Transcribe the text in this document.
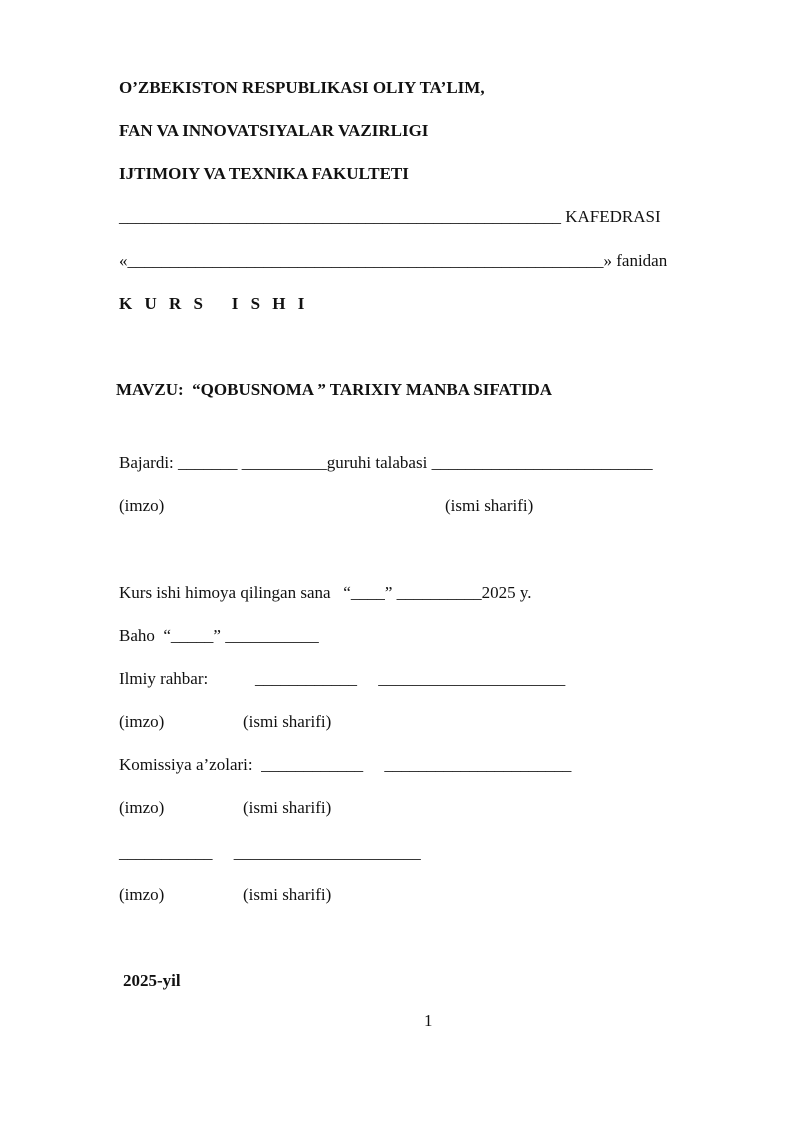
O’ZBEKISTON RESPUBLIKASI OLIY TA’LIM,
FAN VA INNOVATSIYALAR VAZIRLIGI
IJTIMOIY VA TEXNIKA FAKULTETI
____________________________________________________ KAFEDRASI
«________________________________________________________» fanidan
K U R S   I S H I
MAVZU:  “QOBUSNOMA ” TARIXIY MANBA SIFATIDA
Bajardi: _______ __________guruhi talabasi __________________________
(imzo)	(ismi sharifi)
Kurs ishi himoya qilingan sana   “____” __________2025 y.
Baho  “_____” ___________
Ilmiy rahbar:           ____________     ______________________
(imzo)	(ismi sharifi)
Komissiya a’zolari:  ____________     ______________________
(imzo)	(ismi sharifi)
___________     ______________________
(imzo)	(ismi sharifi)
2025-yil
1
